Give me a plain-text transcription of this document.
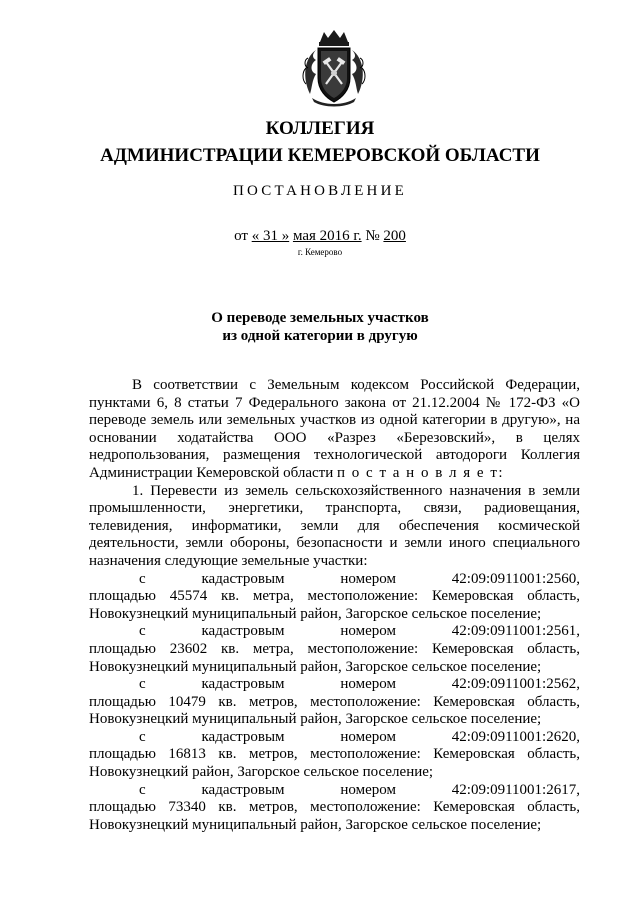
КОЛЛЕГИЯ
АДМИНИСТРАЦИИ КЕМЕРОВСКОЙ ОБЛАСТИ
ПОСТАНОВЛЕНИЕ
от « 31 » мая 2016 г. № 200
г. Кемерово
О переводе земельных участков
из одной категории в другую

В соответствии с Земельным кодексом Российской Федерации, пунктами 6, 8 статьи 7 Федерального закона от 21.12.2004 № 172-ФЗ «О переводе земель или земельных участков из одной категории в другую», на основании ходатайства ООО «Разрез «Березовский», в целях недропользования, размещения технологической автодороги Коллегия Администрации Кемеровской области п о с т а н о в л я е т:

1. Перевести из земель сельскохозяйственного назначения в земли промышленности, энергетики, транспорта, связи, радиовещания, телевидения, информатики, земли для обеспечения космической деятельности, земли обороны, безопасности и земли иного специального назначения следующие земельные участки:

с	кадастровым	номером	42:09:0911001:2560,
площадью 45574 кв. метра, местоположение: Кемеровская область, Новокузнецкий муниципальный район, Загорское сельское поселение;
с	кадастровым	номером	42:09:0911001:2561,
площадью 23602 кв. метра, местоположение: Кемеровская область, Новокузнецкий муниципальный район, Загорское сельское поселение;
с	кадастровым	номером	42:09:0911001:2562,
площадью 10479 кв. метров, местоположение: Кемеровская область, Новокузнецкий муниципальный район, Загорское сельское поселение;
с	кадастровым	номером	42:09:0911001:2620,
площадью 16813 кв. метров, местоположение: Кемеровская область, Новокузнецкий район, Загорское сельское поселение;
с	кадастровым	номером	42:09:0911001:2617,
площадью 73340 кв. метров, местоположение: Кемеровская область, Новокузнецкий муниципальный район, Загорское сельское поселение;
